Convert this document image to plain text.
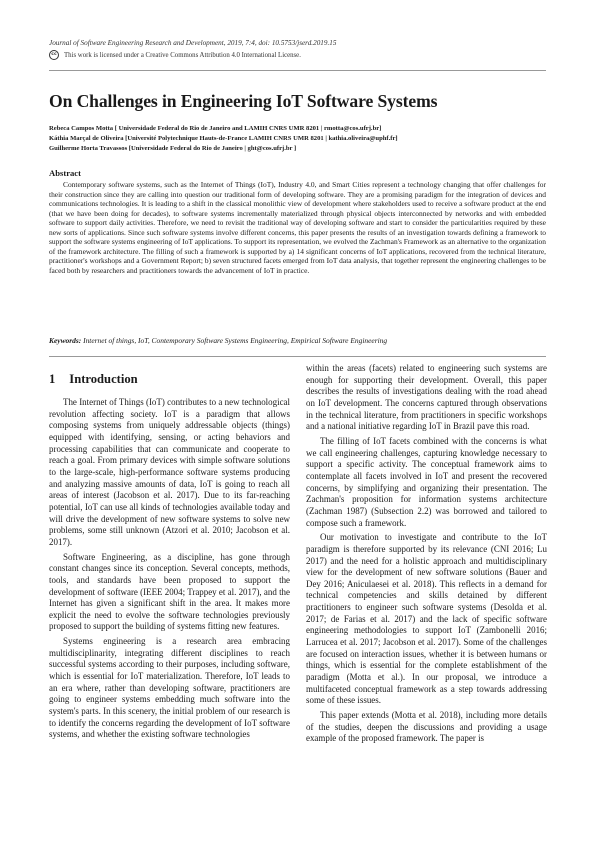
Journal of Software Engineering Research and Development, 2019, 7:4, doi: 10.5753/jserd.2019.15
cc	This work is licensed under a Creative Commons Attribution 4.0 International License.
On Challenges in Engineering IoT Software Systems
Rebeca Campos Motta [ Universidade Federal do Rio de Janeiro and LAMIH CNRS UMR 8201 | rmotta@cos.ufrj.br]
Káthia Marçal de Oliveira [Université Polytechnique Hauts-de-France LAMIH CNRS UMR 8201 | kathia.oliveira@uphf.fr]
Guilherme Horta Travassos [Universidade Federal do Rio de Janeiro | ght@cos.ufrj.br ]
Abstract

Contemporary software systems, such as the Internet of Things (IoT), Industry 4.0, and Smart Cities represent a technology changing that offer challenges for their construction since they are calling into question our traditional form of developing software. They are a promising paradigm for the integration of devices and communications technologies. It is leading to a shift in the classical monolithic view of development where stakeholders used to receive a software product at the end (that we have been doing for decades), to software systems incrementally materialized through physical objects interconnected by networks and with embedded software to support daily activities. Therefore, we need to revisit the traditional way of developing software and start to consider the particularities required by these new sorts of applications. Since such software systems involve different concerns, this paper presents the results of an investigation towards defining a framework to support the software systems engineering of IoT applications. To support its representation, we evolved the Zachman's Framework as an alternative to the organization of the framework architecture. The filling of such a framework is supported by a) 14 significant concerns of IoT applications, recovered from the technical literature, practitioner's workshops and a Government Report; b) seven structured facets emerged from IoT data analysis, that together represent the engineering challenges to be faced both by researchers and practitioners towards the advancement of IoT in practice.

Keywords: Internet of things, IoT, Contemporary Software Systems Engineering, Empirical Software Engineering
1 Introduction

The Internet of Things (IoT) contributes to a new technological revolution affecting society. IoT is a paradigm that allows composing systems from uniquely addressable objects (things) equipped with identifying, sensing, or acting behaviors and processing capabilities that can communicate and cooperate to reach a goal. From primary devices with simple software solutions to the large-scale, high-performance software systems producing and analyzing massive amounts of data, IoT is going to reach all areas of interest (Jacobson et al. 2017). Due to its far-reaching potential, IoT can use all kinds of technologies available today and will drive the development of new software systems to solve new problems, some still unknown (Atzori et al. 2010; Jacobson et al. 2017).

Software Engineering, as a discipline, has gone through constant changes since its conception. Several concepts, methods, tools, and standards have been proposed to support the development of software (IEEE 2004; Trappey et al. 2017), and the Internet has given a significant shift in the area. It makes more explicit the need to evolve the software technologies previously proposed to support the building of systems fitting new features.

Systems engineering is a research area embracing multidisciplinarity, integrating different disciplines to reach successful systems according to their purposes, including software, which is essential for IoT materialization. Therefore, IoT leads to an era where, rather than developing software, practitioners are going to engineer systems embedding much software into the system's parts. In this scenery, the initial problem of our research is to identify the concerns regarding the development of IoT software systems, and whether the existing software technologies

within the areas (facets) related to engineering such systems are enough for supporting their development. Overall, this paper describes the results of investigations dealing with the road ahead on IoT development. The concerns captured through observations in the technical literature, from practitioners in specific workshops and a national initiative regarding IoT in Brazil pave this road.

The filling of IoT facets combined with the concerns is what we call engineering challenges, capturing knowledge necessary to support a specific activity. The conceptual framework aims to contemplate all facets involved in IoT and present the recovered concerns, by simplifying and organizing their presentation. The Zachman's proposition for information systems architecture (Zachman 1987) (Subsection 2.2) was borrowed and tailored to compose such a framework.

Our motivation to investigate and contribute to the IoT paradigm is therefore supported by its relevance (CNI 2016; Lu 2017) and the need for a holistic approach and multidisciplinary view for the development of new software solutions (Bauer and Dey 2016; Aniculaesei et al. 2018). This reflects in a demand for technical competencies and skills detained by different practitioners to engineer such software systems (Desolda et al. 2017; de Farias et al. 2017) and the lack of specific software engineering methodologies to support IoT (Zambonelli 2016; Larrucea et al. 2017; Jacobson et al. 2017). Some of the challenges are focused on interaction issues, whether it is between humans or things, which is essential for the complete establishment of the paradigm (Motta et al.). In our proposal, we introduce a multifaceted conceptual framework as a step towards addressing some of these issues.

This paper extends (Motta et al. 2018), including more details of the studies, deepen the discussions and providing a usage example of the proposed framework. The paper is
